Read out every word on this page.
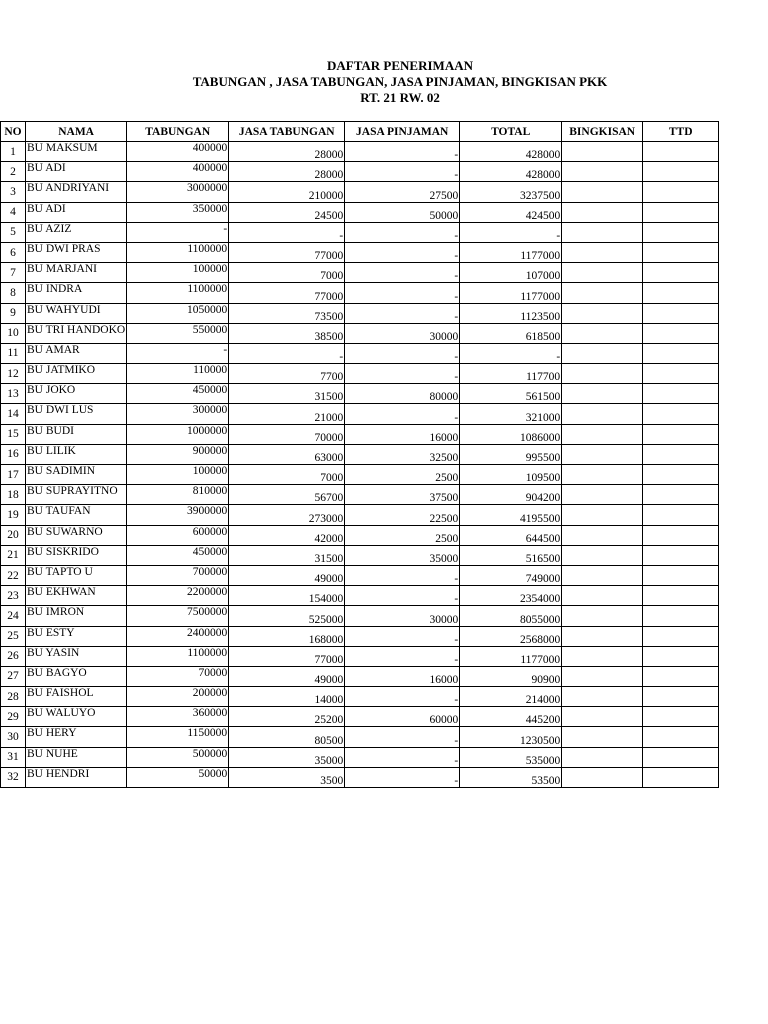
DAFTAR PENERIMAAN
TABUNGAN , JASA TABUNGAN, JASA PINJAMAN, BINGKISAN PKK
RT. 21 RW. 02
NO	NAMA	TABUNGAN	JASA TABUNGAN	JASA PINJAMAN	TOTAL	BINGKISAN	TTD
1	BU MAKSUM	400000	28000	-	428000		
2	BU ADI	400000	28000	-	428000		
3	BU ANDRIYANI	3000000	210000	27500	3237500		
4	BU ADI	350000	24500	50000	424500		
5	BU AZIZ	-	-	-	-		
6	BU DWI PRAS	1100000	77000	-	1177000		
7	BU MARJANI	100000	7000	-	107000		
8	BU INDRA	1100000	77000	-	1177000		
9	BU WAHYUDI	1050000	73500	-	1123500		
10	BU TRI HANDOKO	550000	38500	30000	618500		
11	BU AMAR	-	-	-	-		
12	BU JATMIKO	110000	7700	-	117700		
13	BU JOKO	450000	31500	80000	561500		
14	BU DWI LUS	300000	21000	-	321000		
15	BU BUDI	1000000	70000	16000	1086000		
16	BU LILIK	900000	63000	32500	995500		
17	BU SADIMIN	100000	7000	2500	109500		
18	BU SUPRAYITNO	810000	56700	37500	904200		
19	BU TAUFAN	3900000	273000	22500	4195500		
20	BU SUWARNO	600000	42000	2500	644500		
21	BU SISKRIDO	450000	31500	35000	516500		
22	BU TAPTO U	700000	49000	-	749000		
23	BU EKHWAN	2200000	154000	-	2354000		
24	BU IMRON	7500000	525000	30000	8055000		
25	BU ESTY	2400000	168000	-	2568000		
26	BU YASIN	1100000	77000	-	1177000		
27	BU BAGYO	70000	49000	16000	90900		
28	BU FAISHOL	200000	14000	-	214000		
29	BU WALUYO	360000	25200	60000	445200		
30	BU HERY	1150000	80500	-	1230500		
31	BU NUHE	500000	35000	-	535000		
32	BU HENDRI	50000	3500	-	53500		
